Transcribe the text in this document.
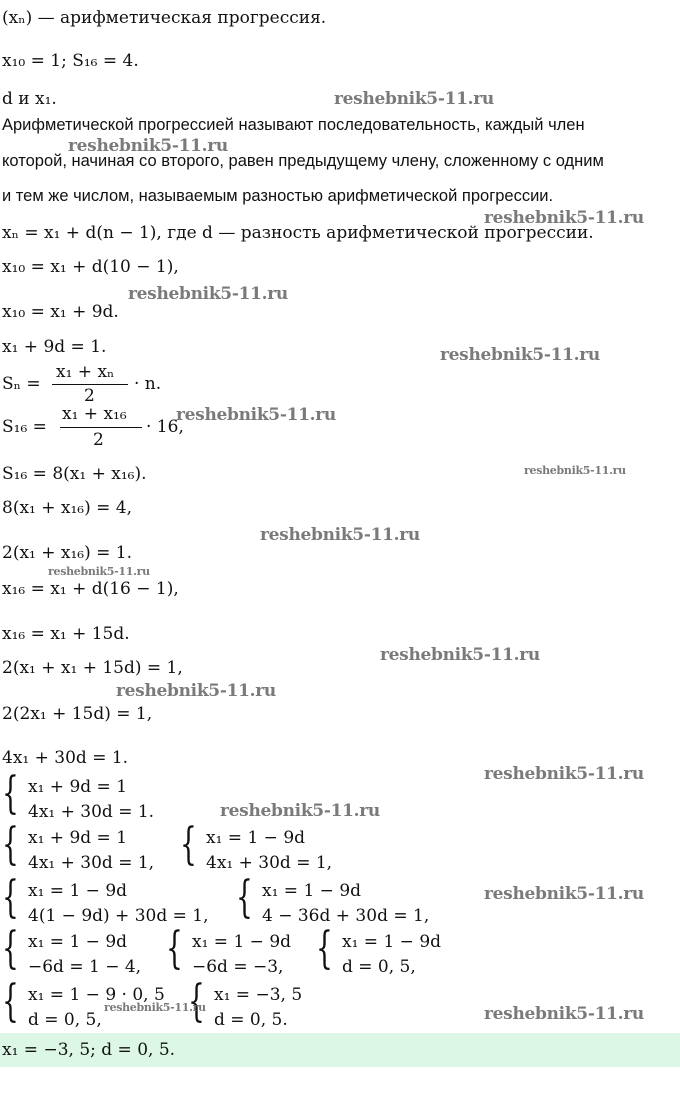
(xₙ) — арифметическая прогрессия.
x₁₀ = 1; S₁₆ = 4.
d и x₁.
Арифметической прогрессией называют последовательность, каждый член
которой, начиная со второго, равен предыдущему члену, сложенному с одним
и тем же числом, называемым разностью арифметической прогрессии.
xₙ = x₁ + d(n − 1), где d — разность арифметической прогрессии.
x₁₀ = x₁ + d(10 − 1),
x₁₀ = x₁ + 9d.
x₁ + 9d = 1.
Sₙ =
x₁ + xₙ
2
· n.
S₁₆ =
x₁ + x₁₆
2
· 16,
S₁₆ = 8(x₁ + x₁₆).
8(x₁ + x₁₆) = 4,
2(x₁ + x₁₆) = 1.
x₁₆ = x₁ + d(16 − 1),
x₁₆ = x₁ + 15d.
2(x₁ + x₁ + 15d) = 1,
2(2x₁ + 15d) = 1,
4x₁ + 30d = 1.
{ x₁ + 9d = 1
4x₁ + 30d = 1.
{ x₁ + 9d = 1
4x₁ + 30d = 1, { x₁ = 1 − 9d
4x₁ + 30d = 1,
{ x₁ = 1 − 9d
4(1 − 9d) + 30d = 1, { x₁ = 1 − 9d
4 − 36d + 30d = 1,
{ x₁ = 1 − 9d
−6d = 1 − 4, { x₁ = 1 − 9d
−6d = −3, { x₁ = 1 − 9d
d = 0, 5,
{ x₁ = 1 − 9 · 0, 5
d = 0, 5, { x₁ = −3, 5
d = 0, 5.
x₁ = −3, 5; d = 0, 5.
reshebnik5-11.ru
reshebnik5-11.ru
reshebnik5-11.ru
reshebnik5-11.ru
reshebnik5-11.ru
reshebnik5-11.ru
reshebnik5-11.ru
reshebnik5-11.ru
reshebnik5-11.ru
reshebnik5-11.ru
reshebnik5-11.ru
reshebnik5-11.ru
reshebnik5-11.ru
reshebnik5-11.ru
reshebnik5-11.ru	reshebnik5-11.ru
